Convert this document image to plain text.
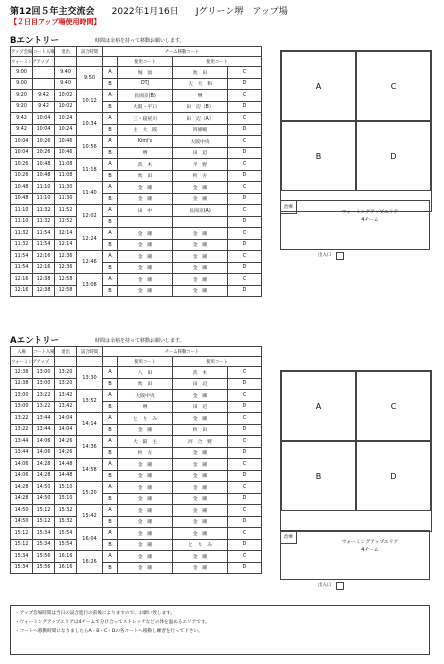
第12回５年主交流会 2022年1月16日 Jグリーン堺　アップ場
【２日目アップ場使用時間】
Bエントリー	時間は余裕を持って移動お願いします。
アップ会場	コート入場	退出	試合時間	チーム移動コート			
ウォーミングアップ					使用コート	使用コート	
9:00		9:40	9:50	A	堀　図	吹　田	C
9:00		9:40		B	DTJ	大　大　和	D
9:20	9:42	10:02	10:12	A	長岡京(B)	堺	C
9:20	9:42	10:02		B	大阪・平口	田　辺（B）	D
9:42	10:04	10:24	10:34	A	三・寝屋川	田　辺（A）	C
9:42	10:04	10:24		B	主　大　阪	四條畷	D
10:04	10:26	10:46	10:56	A	Kimi's	大阪中央	C
10:04	10:26	10:46		B	堺	田　辺	D
10:26	10:48	11:08	11:18	A	茨　木	平　野	C
10:26	10:48	11:08		B	吹　田	枚　方	D
10:48	11:10	11:30	11:40	A	金　剛	金　剛	C
10:48	11:10	11:30		B	金　剛	金　剛	D
11:10	11:32	11:52	12:02	A	田　中	長岡京(A)	C
11:10	11:32	11:52		B			D
11:32	11:54	12:14	12:24	A	金　剛	金　剛	C
11:32	11:54	12:14		B	金　剛	金　剛	D
11:54	12:16	12:36	12:46	A	金　剛	金　剛	C
11:54	12:16	12:36		B	金　剛	金　剛	D
12:16	12:38	12:58	13:08	A	金　剛	金　剛	C
12:16	12:38	12:58		B	金　剛	金　剛	D
Aエントリー	時間は余裕を持って移動お願いします。
入場	コート入場	退出	試合時間	チーム移動コート			
ウォーミングアップ					使用コート	使用コート	
12:38	13:00	13:20	13:30	A	八　田	茨　木	C
12:38	13:00	13:20		B	吹　田	田　辺	D
13:00	13:22	13:42	13:52	A	大阪中央	金　剛	C
13:00	13:22	13:42		B	堺	田　辺	D
13:22	13:44	14:04	14:14	A	と　り　み	金　剛	C
13:22	13:44	14:04		B	金　剛	枚　田	D
13:44	14:06	14:26	14:36	A	大　阪　主	河　合　野	C
13:44	14:06	14:26		B	枚　方	金　剛	D
14:06	14:28	14:48	14:58	A	金　剛	金　剛	C
14:06	14:28	14:48		B	金　剛	金　剛	D
14:28	14:50	15:10	15:20	A	金　剛	金　剛	C
14:28	14:50	15:10		B	金　剛	金　剛	D
14:50	15:12	15:32	15:42	A	金　剛	金　剛	C
14:50	15:12	15:32		B	金　剛	金　剛	D
15:12	15:34	15:54	16:04	A	金　剛	金　剛	C
15:12	15:34	15:54		B	金　剛	と　り　み	D
15:34	15:56	16:16	16:26	A	金　剛	金　剛	C
15:34	15:56	16:16		B	金　剛	金　剛	D
A	C
B	D
治療
ウォーミングアップエリア
4チーム
出入口
A	C
B	D
治療
ウォーミングアップエリア
4チーム
出入口
・アップ会場時間は当日の試合進行の前後によりますので、お願い致します。
・ウォーミングアップエリアは4チームで分け合ってストレッチなどの体を温めるエリアです。
・コートへ移動時間になりましたらA・B・C・Dの各コートへ移動し練習を行って下さい。
